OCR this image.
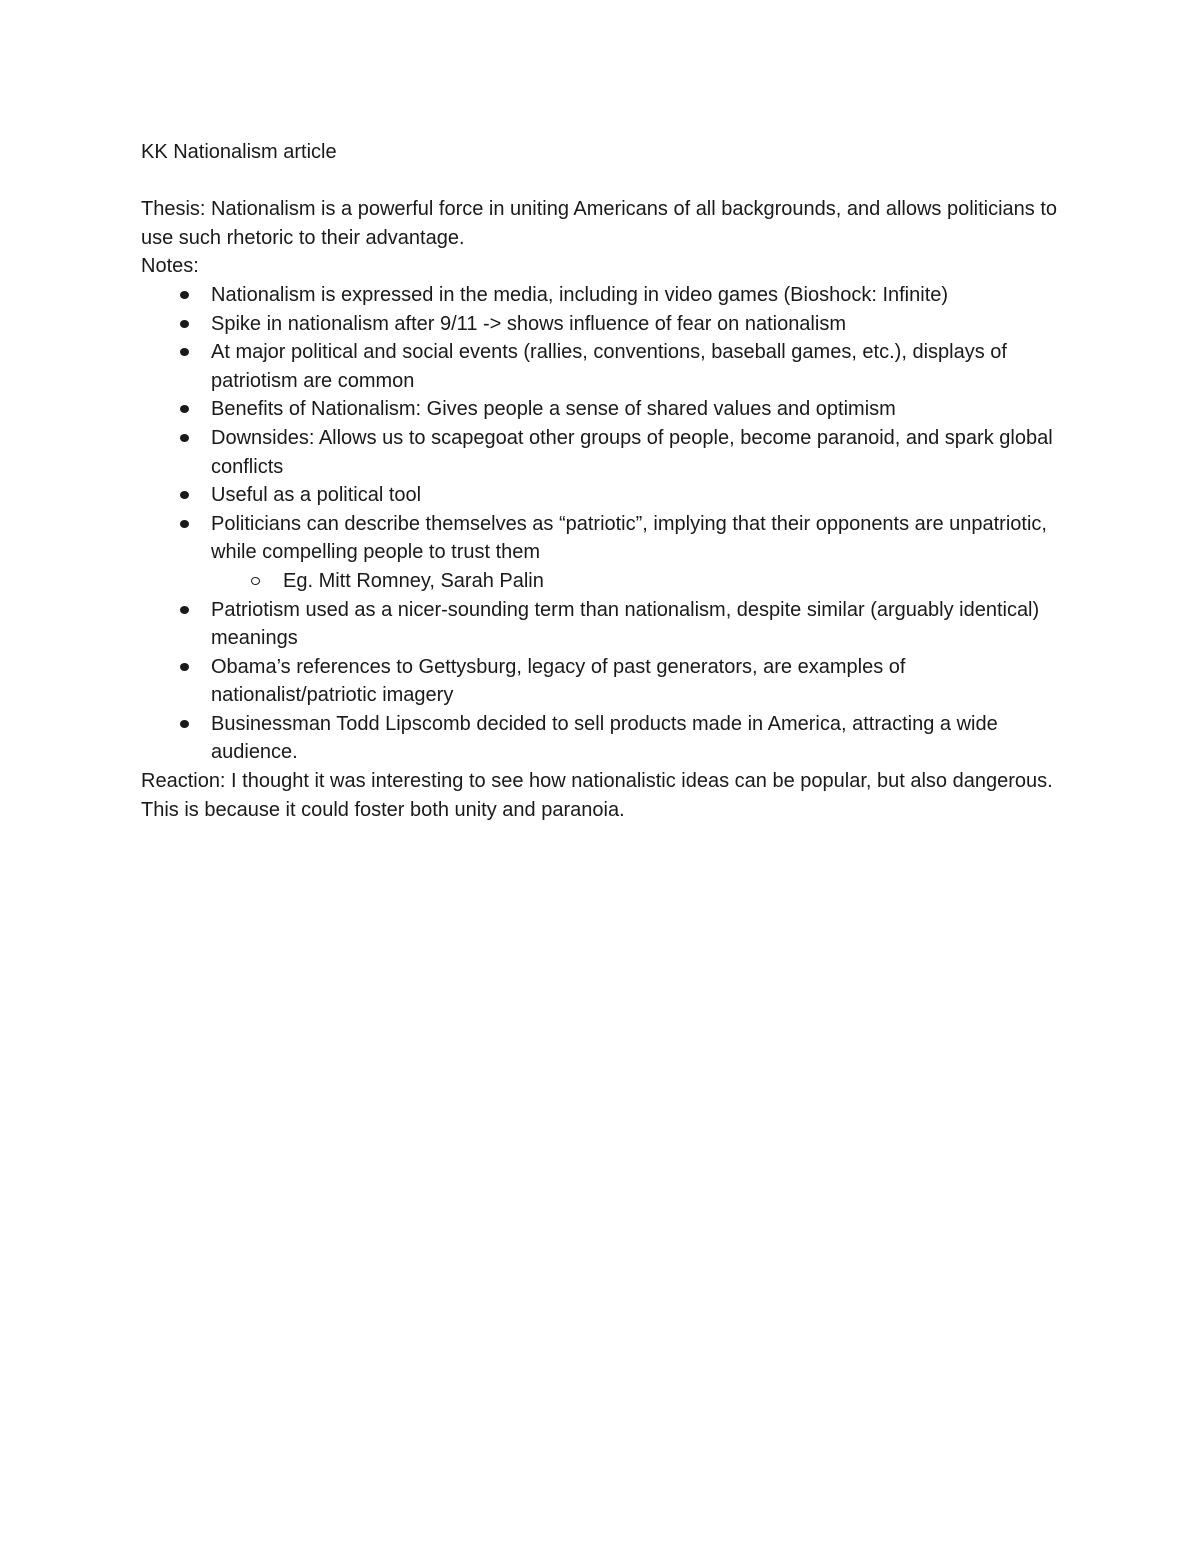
KK Nationalism article

Thesis: Nationalism is a powerful force in uniting Americans of all backgrounds, and allows politicians to use such rhetoric to their advantage.

Notes:

Nationalism is expressed in the media, including in video games (Bioshock: Infinite)
Spike in nationalism after 9/11 -> shows influence of fear on nationalism
At major political and social events (rallies, conventions, baseball games, etc.), displays of patriotism are common
Benefits of Nationalism: Gives people a sense of shared values and optimism
Downsides: Allows us to scapegoat other groups of people, become paranoid, and spark global conflicts
Useful as a political tool
Politicians can describe themselves as “patriotic”, implying that their opponents are unpatriotic, while compelling people to trust them
Eg. Mitt Romney, Sarah Palin
Patriotism used as a nicer-sounding term than nationalism, despite similar (arguably identical) meanings
Obama’s references to Gettysburg, legacy of past generators, are examples of nationalist/patriotic imagery
Businessman Todd Lipscomb decided to sell products made in America, attracting a wide audience.

Reaction: I thought it was interesting to see how nationalistic ideas can be popular, but also dangerous. This is because it could foster both unity and paranoia.
